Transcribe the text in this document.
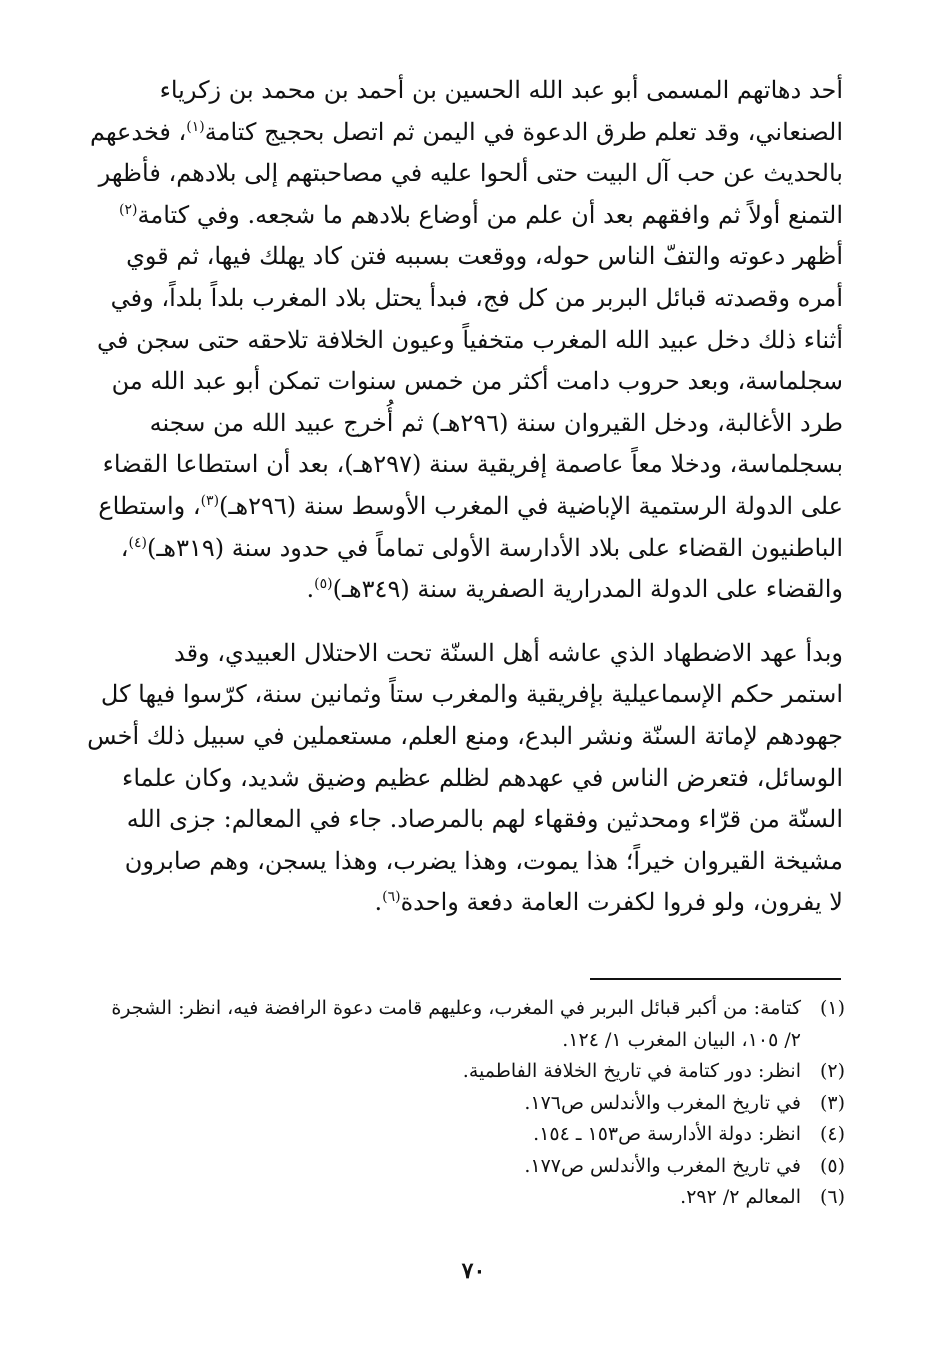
أحد دهاتهم المسمى أبو عبد الله الحسين بن أحمد بن محمد بن زكرياء
الصنعاني، وقد تعلم طرق الدعوة في اليمن ثم اتصل بحجيج كتامة$^{(١)}$، فخدعهم
بالحديث عن حب آل البيت حتى ألحوا عليه في مصاحبتهم إلى بلادهم، فأظهر
التمنع أولاً ثم وافقهم بعد أن علم من أوضاع بلادهم ما شجعه. وفي كتامة$^{(٢)}$
أظهر دعوته والتفّ الناس حوله، ووقعت بسببه فتن كاد يهلك فيها، ثم قوي
أمره وقصدته قبائل البربر من كل فج، فبدأ يحتل بلاد المغرب بلداً بلداً، وفي
أثناء ذلك دخل عبيد الله المغرب متخفياً وعيون الخلافة تلاحقه حتى سجن في
سجلماسة، وبعد حروب دامت أكثر من خمس سنوات تمكن أبو عبد الله من
طرد الأغالبة، ودخل القيروان سنة (٢٩٦هـ) ثم أُخرج عبيد الله من سجنه
بسجلماسة، ودخلا معاً عاصمة إفريقية سنة (٢٩٧هـ)، بعد أن استطاعا القضاء
على الدولة الرستمية الإباضية في المغرب الأوسط سنة (٢٩٦هـ)$^{(٣)}$، واستطاع
الباطنيون القضاء على بلاد الأدارسة الأولى تماماً في حدود سنة (٣١٩هـ)$^{(٤)}$،
والقضاء على الدولة المدرارية الصفرية سنة (٣٤٩هـ)$^{(٥)}$.

وبدأ عهد الاضطهاد الذي عاشه أهل السنّة تحت الاحتلال العبيدي، وقد
استمر حكم الإسماعيلية بإفريقية والمغرب ستاً وثمانين سنة، كرّسوا فيها كل
جهودهم لإماتة السنّة ونشر البدع، ومنع العلم، مستعملين في سبيل ذلك أخس
الوسائل، فتعرض الناس في عهدهم لظلم عظيم وضيق شديد، وكان علماء
السنّة من قرّاء ومحدثين وفقهاء لهم بالمرصاد. جاء في المعالم: جزى الله
مشيخة القيروان خيراً؛ هذا يموت، وهذا يضرب، وهذا يسجن، وهم صابرون
لا يفرون، ولو فروا لكفرت العامة دفعة واحدة$^{(٦)}$.

(١)
كتامة: من أكبر قبائل البربر في المغرب، وعليهم قامت دعوة الرافضة فيه، انظر: الشجرة ٢/ ١٠٥، البيان المغرب ١/ ١٢٤.
(٢)
انظر: دور كتامة في تاريخ الخلافة الفاطمية.
(٣)
في تاريخ المغرب والأندلس ص١٧٦.
(٤)
انظر: دولة الأدارسة ص١٥٣ ـ ١٥٤.
(٥)
في تاريخ المغرب والأندلس ص١٧٧.
(٦)
المعالم ٢/ ٢٩٢.
٧٠
